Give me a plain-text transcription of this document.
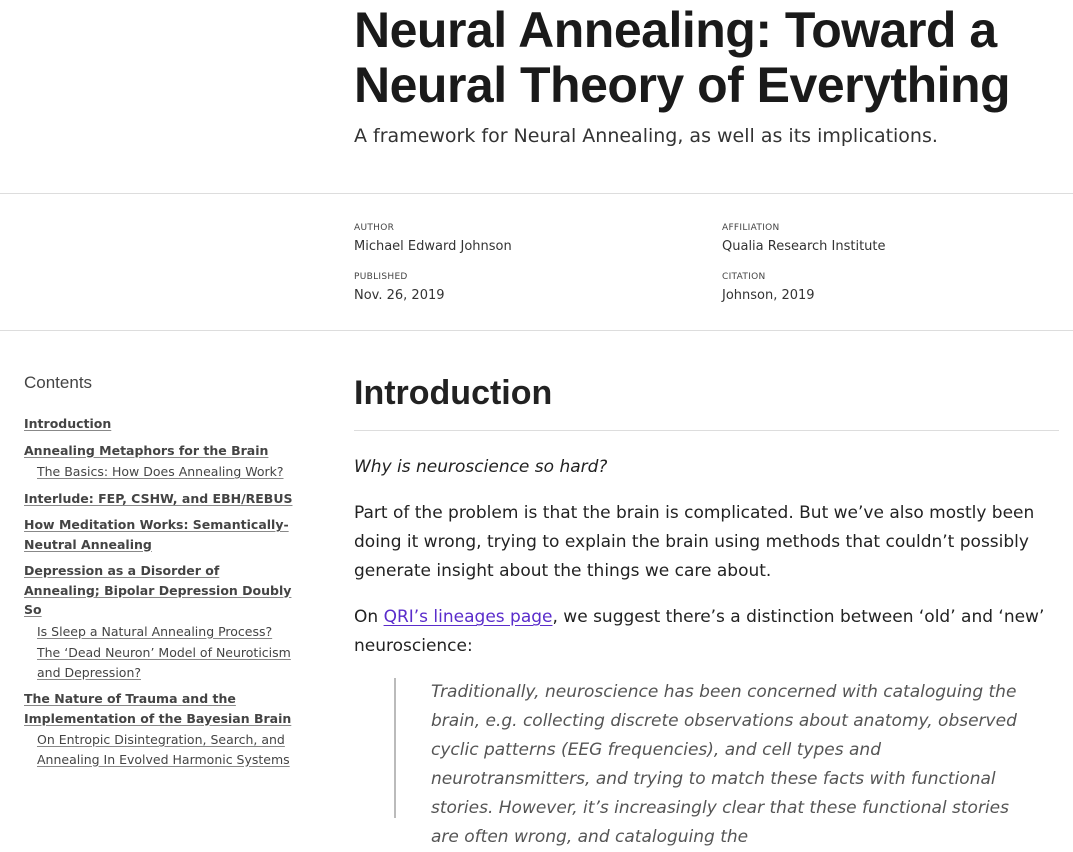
Neural Annealing: Toward a Neural Theory of Everything

A framework for Neural Annealing, as well as its implications.

AUTHOR
Michael Edward Johnson
AFFILIATION
Qualia Research Institute
PUBLISHED
Nov. 26, 2019
CITATION
Johnson, 2019
Contents
Introduction
Annealing Metaphors for the Brain
The Basics: How Does Annealing Work?
Interlude: FEP, CSHW, and EBH/REBUS
How Meditation Works: Semantically-Neutral Annealing
Depression as a Disorder of Annealing; Bipolar Depression Doubly So
Is Sleep a Natural Annealing Process?
The ‘Dead Neuron’ Model of Neuroticism and Depression?
The Nature of Trauma and the Implementation of the Bayesian Brain
On Entropic Disintegration, Search, and Annealing In Evolved Harmonic Systems
Introduction

Why is neuroscience so hard?

Part of the problem is that the brain is complicated. But we’ve also mostly been doing it wrong, trying to explain the brain using methods that couldn’t possibly generate insight about the things we care about.

On QRI’s lineages page, we suggest there’s a distinction between ‘old’ and ‘new’ neuroscience:

Traditionally, neuroscience has been concerned with cataloguing the brain, e.g. collecting discrete observations about anatomy, observed cyclic patterns (EEG frequencies), and cell types and neurotransmitters, and trying to match these facts with functional stories. However, it’s increasingly clear that these functional stories are often wrong, and cataloguing the
